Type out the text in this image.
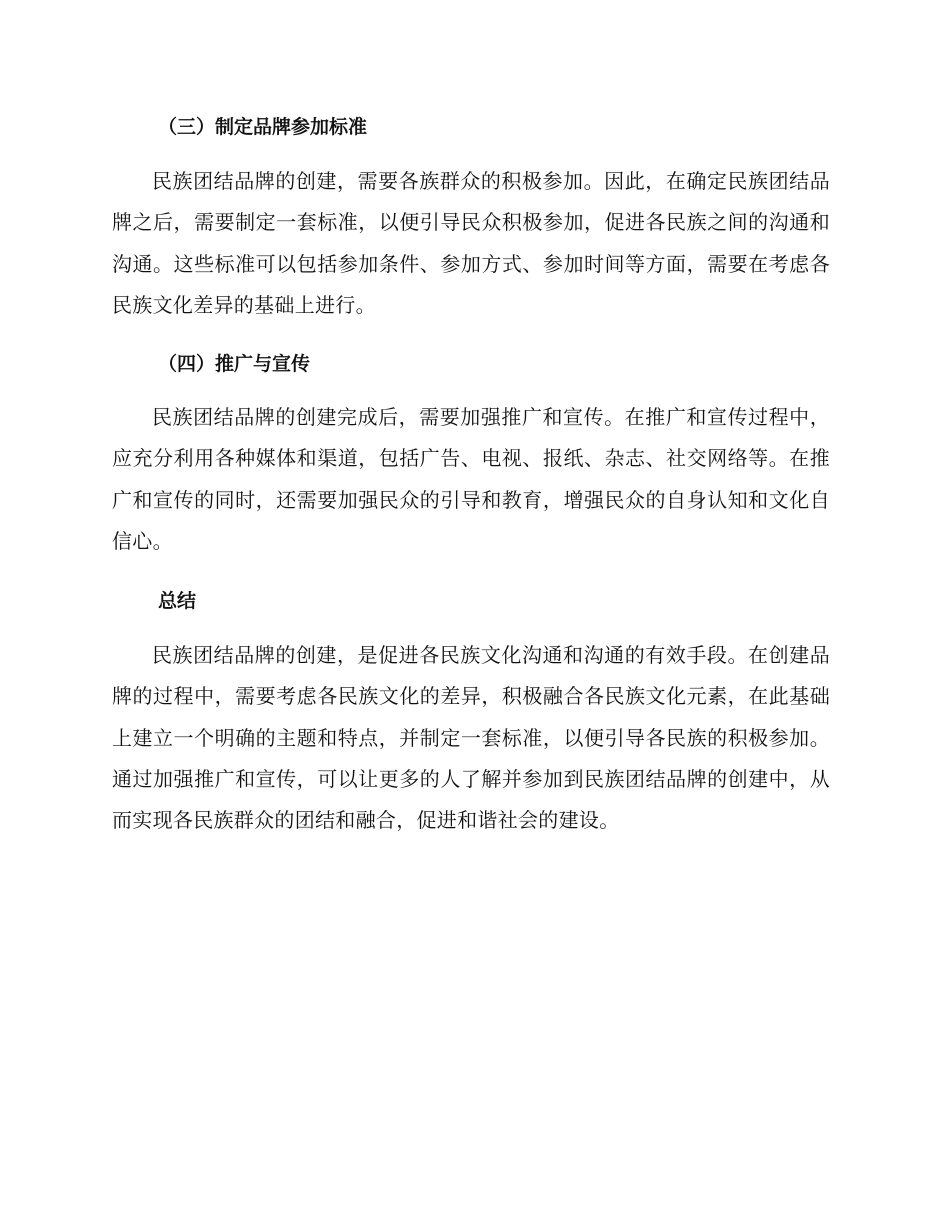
（三）制定品牌参加标准
民族团结品牌的创建，需要各族群众的积极参加。因此，在确定民族团结品牌之后，需要制定一套标准，以便引导民众积极参加，促进各民族之间的沟通和沟通。这些标准可以包括参加条件、参加方式、参加时间等方面，需要在考虑各民族文化差异的基础上进行。
（四）推广与宣传
民族团结品牌的创建完成后，需要加强推广和宣传。在推广和宣传过程中，应充分利用各种媒体和渠道，包括广告、电视、报纸、杂志、社交网络等。在推广和宣传的同时，还需要加强民众的引导和教育，增强民众的自身认知和文化自信心。
总结
民族团结品牌的创建，是促进各民族文化沟通和沟通的有效手段。在创建品牌的过程中，需要考虑各民族文化的差异，积极融合各民族文化元素，在此基础上建立一个明确的主题和特点，并制定一套标准，以便引导各民族的积极参加。通过加强推广和宣传，可以让更多的人了解并参加到民族团结品牌的创建中，从而实现各民族群众的团结和融合，促进和谐社会的建设。
